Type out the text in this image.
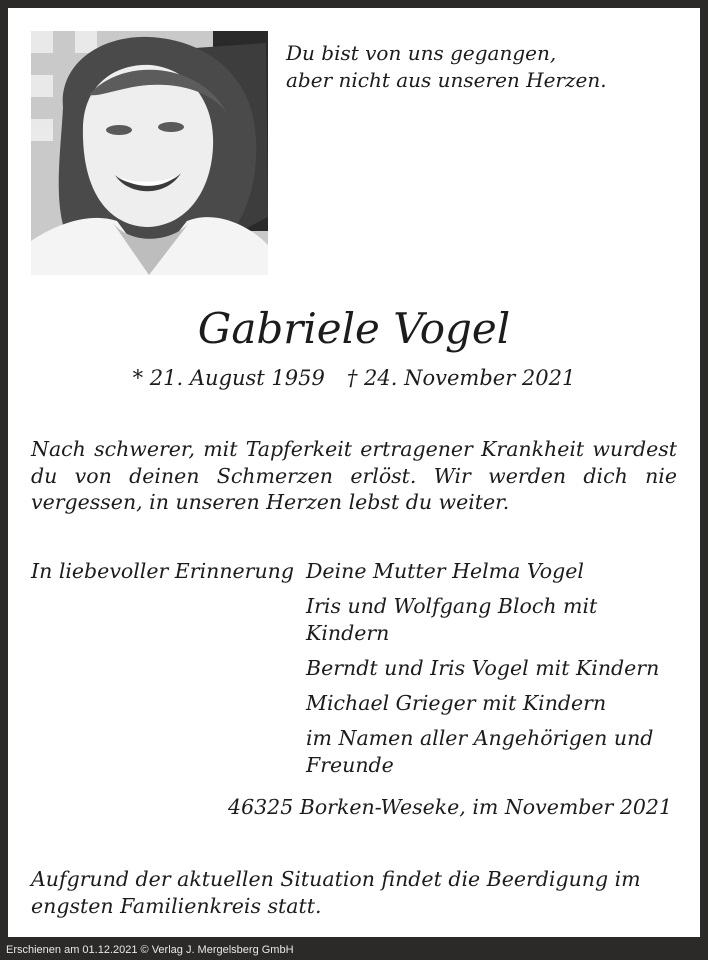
Du bist von uns gegangen,
aber nicht aus unseren Herzen.

Gabriele Vogel
* 21. August 1959 † 24. November 2021

Nach schwerer, mit Tapferkeit ertragener Krankheit wurdest du von deinen Schmerzen erlöst. Wir werden dich nie vergessen, in unseren Herzen lebst du weiter.

In liebevoller Erinnerung Deine Mutter Helma Vogel
Iris und Wolfgang Bloch mit Kindern
Berndt und Iris Vogel mit Kindern
Michael Grieger mit Kindern
im Namen aller Angehörigen und Freunde
46325 Borken-Weseke, im November 2021

Aufgrund der aktuellen Situation findet die Beerdigung im engsten Familienkreis statt.

Erschienen am 01.12.2021 © Verlag J. Mergelsberg GmbH
